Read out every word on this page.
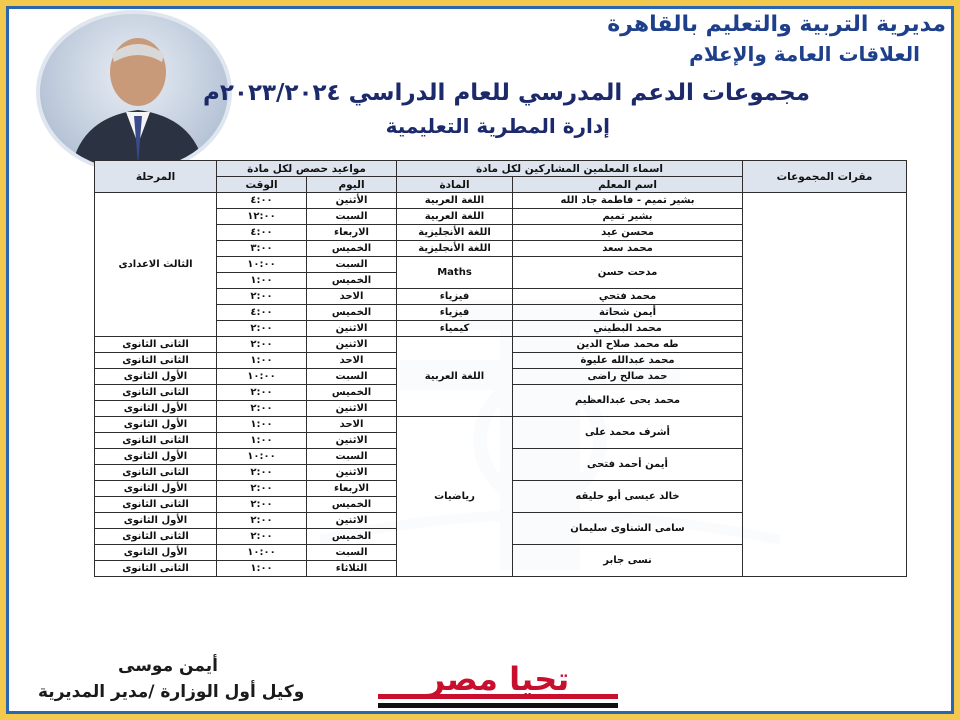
مديرية التربية والتعليم بالقاهرة
العلاقات العامة والإعلام
مجموعات الدعم المدرسي للعام الدراسي ٢٠٢٣/٢٠٢٤م
إدارة المطرية التعليمية
مقرات المجموعات	اسماء المعلمين المشاركين لكل مادة		مواعيد حصص لكل مادة		المرحلة
	اسم المعلم	المادة	اليوم	الوقت	
	بشير تميم - فاطمة جاد الله	اللغة العربية	الأثنين	٤:٠٠	الثالث الاعدادى
	بشير تميم	اللغة العربية	السبت	١٢:٠٠	
	محسن عيد	اللغة الأنجليزية	الاربعاء	٤:٠٠	
	محمد سعد	اللغة الأنجليزية	الخميس	٣:٠٠	
	مدحت حسن	Maths	السبت	١٠:٠٠	
			الخميس	١:٠٠	
	محمد فتحي	فيزياء	الاحد	٢:٠٠	
	أيمن شحاتة	فيزياء	الخميس	٤:٠٠	
	محمد البطيني	كيمياء	الاثنين	٢:٠٠	
	طه محمد صلاح الدين	اللغة العربية	الاثنين	٢:٠٠	الثانى الثانوى
	محمد عبدالله عليوة		الاحد	١:٠٠	الثانى الثانوى
	حمد صالح راضى		السبت	١٠:٠٠	الأول الثانوى
	محمد يحى عبدالعظيم		الخميس	٢:٠٠	الثانى الثانوى
			الاثنين	٢:٠٠	الأول الثانوى
	أشرف محمد على	رياضيات	الاحد	١:٠٠	الأول الثانوى
			الاثنين	١:٠٠	الثانى الثانوى
	أيمن أحمد فتحى		السبت	١٠:٠٠	الأول الثانوى
			الاثنين	٢:٠٠	الثانى الثانوى
	خالد عيسى أبو حليقه		الاربعاء	٢:٠٠	الأول الثانوى
			الخميس	٢:٠٠	الثانى الثانوى
	سامى الشناوى سليمان		الاثنين	٢:٠٠	الأول الثانوى
			الخميس	٢:٠٠	الثانى الثانوى
	نسى جابر		السبت	١٠:٠٠	الأول الثانوى
			الثلاثاء	١:٠٠	الثانى الثانوى
أيمن موسى
وكيل أول الوزارة /مدير المديرية	تحيا مصر
